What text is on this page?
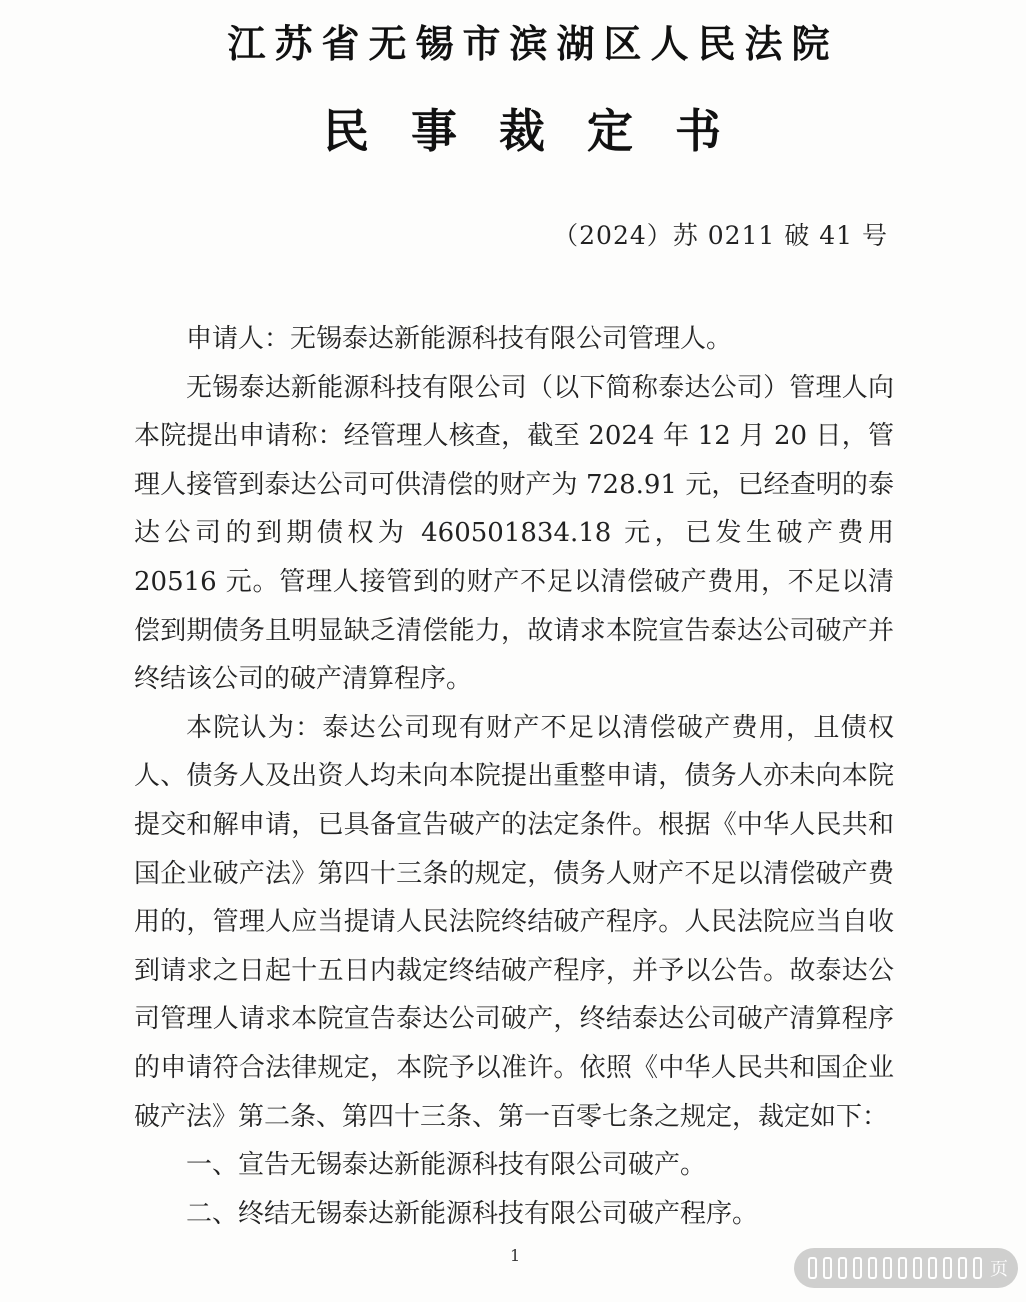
江苏省无锡市滨湖区人民法院
民事裁定书
（2024）苏 0211 破 41 号

申请人：无锡泰达新能源科技有限公司管理人。

无锡泰达新能源科技有限公司（以下简称泰达公司）管理人向本院提出申请称：经管理人核查，截至 2024 年 12 月 20 日，管理人接管到泰达公司可供清偿的财产为 728.91 元，已经查明的泰达公司的到期债权为 460501834.18 元，已发生破产费用 20516 元。管理人接管到的财产不足以清偿破产费用，不足以清偿到期债务且明显缺乏清偿能力，故请求本院宣告泰达公司破产并终结该公司的破产清算程序。

本院认为：泰达公司现有财产不足以清偿破产费用，且债权人、债务人及出资人均未向本院提出重整申请，债务人亦未向本院提交和解申请，已具备宣告破产的法定条件。根据《中华人民共和国企业破产法》第四十三条的规定，债务人财产不足以清偿破产费用的，管理人应当提请人民法院终结破产程序。人民法院应当自收到请求之日起十五日内裁定终结破产程序，并予以公告。故泰达公司管理人请求本院宣告泰达公司破产，终结泰达公司破产清算程序的申请符合法律规定，本院予以准许。依照《中华人民共和国企业破产法》第二条、第四十三条、第一百零七条之规定，裁定如下：

一、宣告无锡泰达新能源科技有限公司破产。

二、终结无锡泰达新能源科技有限公司破产程序。

1
页
